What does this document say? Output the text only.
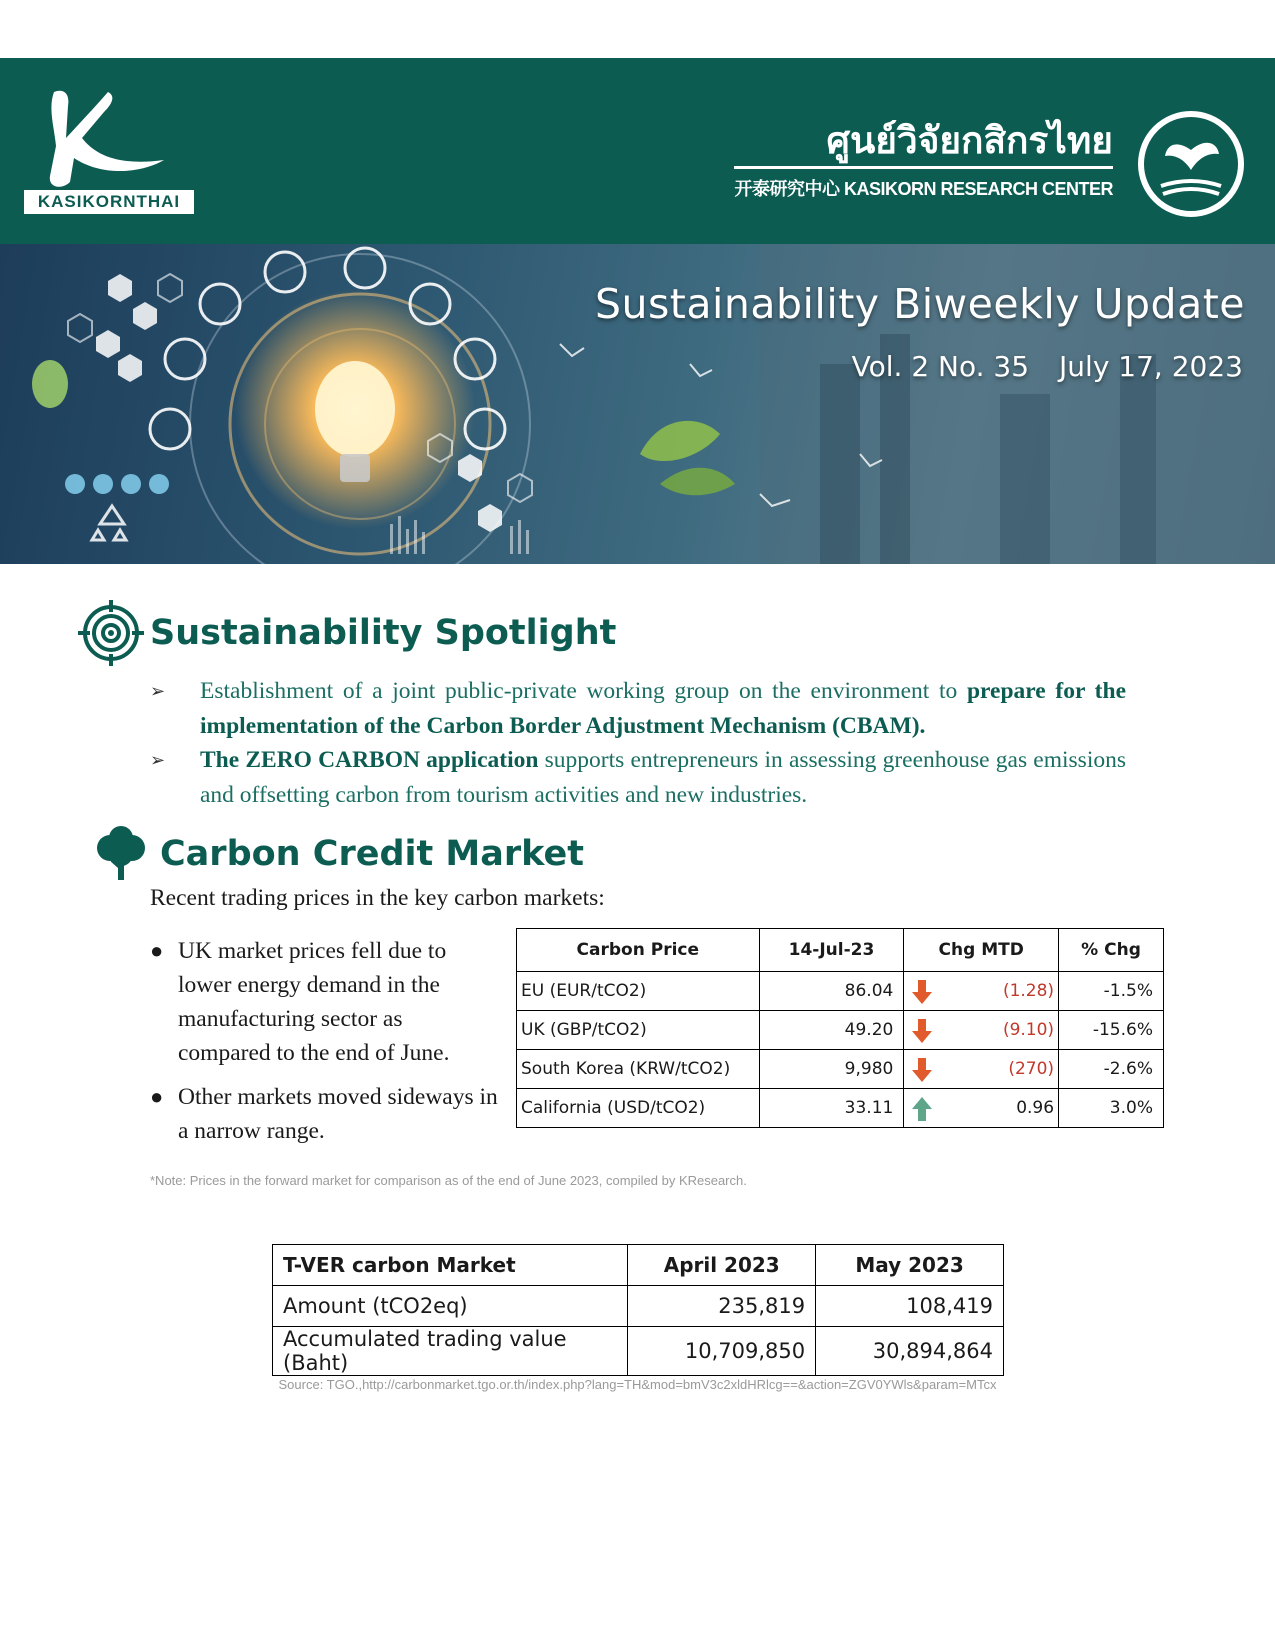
KASIKORNTHAI
ศูนย์วิจัยกสิกรไทย
开泰研究中心 KASIKORN RESEARCH CENTER
Sustainability Biweekly Update
Vol. 2 No. 35 July 17, 2023
Sustainability Spotlight
➢	Establishment of a joint public-private working group on the environment to prepare for the implementation of the Carbon Border Adjustment Mechanism (CBAM).
➢	The ZERO CARBON application supports entrepreneurs in assessing greenhouse gas emissions and offsetting carbon from tourism activities and new industries.
Carbon Credit Market
Recent trading prices in the key carbon markets:
● UK market prices fell due to lower energy demand in the manufacturing sector as compared to the end of June.
● Other markets moved sideways in a narrow range.
Carbon Price	14-Jul-23	Chg MTD	% Chg
EU (EUR/tCO2)	86.04	(1.28)	-1.5%
UK (GBP/tCO2)	49.20	(9.10)	-15.6%
South Korea (KRW/tCO2)	9,980	(270)	-2.6%
California (USD/tCO2)	33.11	0.96	3.0%
*Note: Prices in the forward market for comparison as of the end of June 2023, compiled by KResearch.
T-VER carbon Market	April 2023	May 2023
Amount (tCO2eq)	235,819	108,419
Accumulated trading value (Baht)	10,709,850	30,894,864
Source: TGO.,http://carbonmarket.tgo.or.th/index.php?lang=TH&mod=bmV3c2xldHRlcg==&action=ZGV0YWls&param=MTcx
